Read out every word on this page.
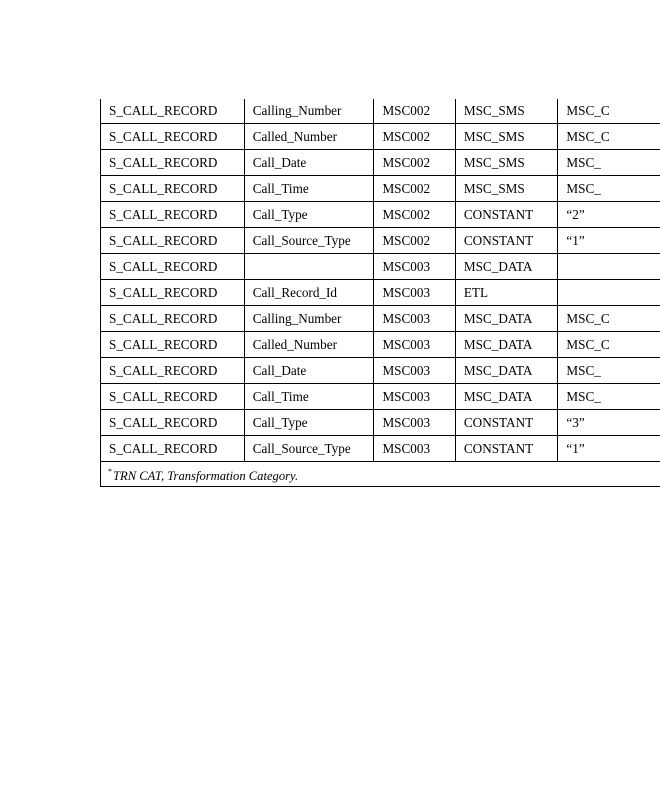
S_CALL_RECORD	Calling_Number	MSC002	MSC_SMS	MSC_C
S_CALL_RECORD	Called_Number	MSC002	MSC_SMS	MSC_C
S_CALL_RECORD	Call_Date	MSC002	MSC_SMS	MSC_
S_CALL_RECORD	Call_Time	MSC002	MSC_SMS	MSC_
S_CALL_RECORD	Call_Type	MSC002	CONSTANT	“2”
S_CALL_RECORD	Call_Source_Type	MSC002	CONSTANT	“1”
S_CALL_RECORD		MSC003	MSC_DATA	
S_CALL_RECORD	Call_Record_Id	MSC003	ETL	
S_CALL_RECORD	Calling_Number	MSC003	MSC_DATA	MSC_C
S_CALL_RECORD	Called_Number	MSC003	MSC_DATA	MSC_C
S_CALL_RECORD	Call_Date	MSC003	MSC_DATA	MSC_
S_CALL_RECORD	Call_Time	MSC003	MSC_DATA	MSC_
S_CALL_RECORD	Call_Type	MSC003	CONSTANT	“3”
S_CALL_RECORD	Call_Source_Type	MSC003	CONSTANT	“1”
*TRN CAT, Transformation Category.				
